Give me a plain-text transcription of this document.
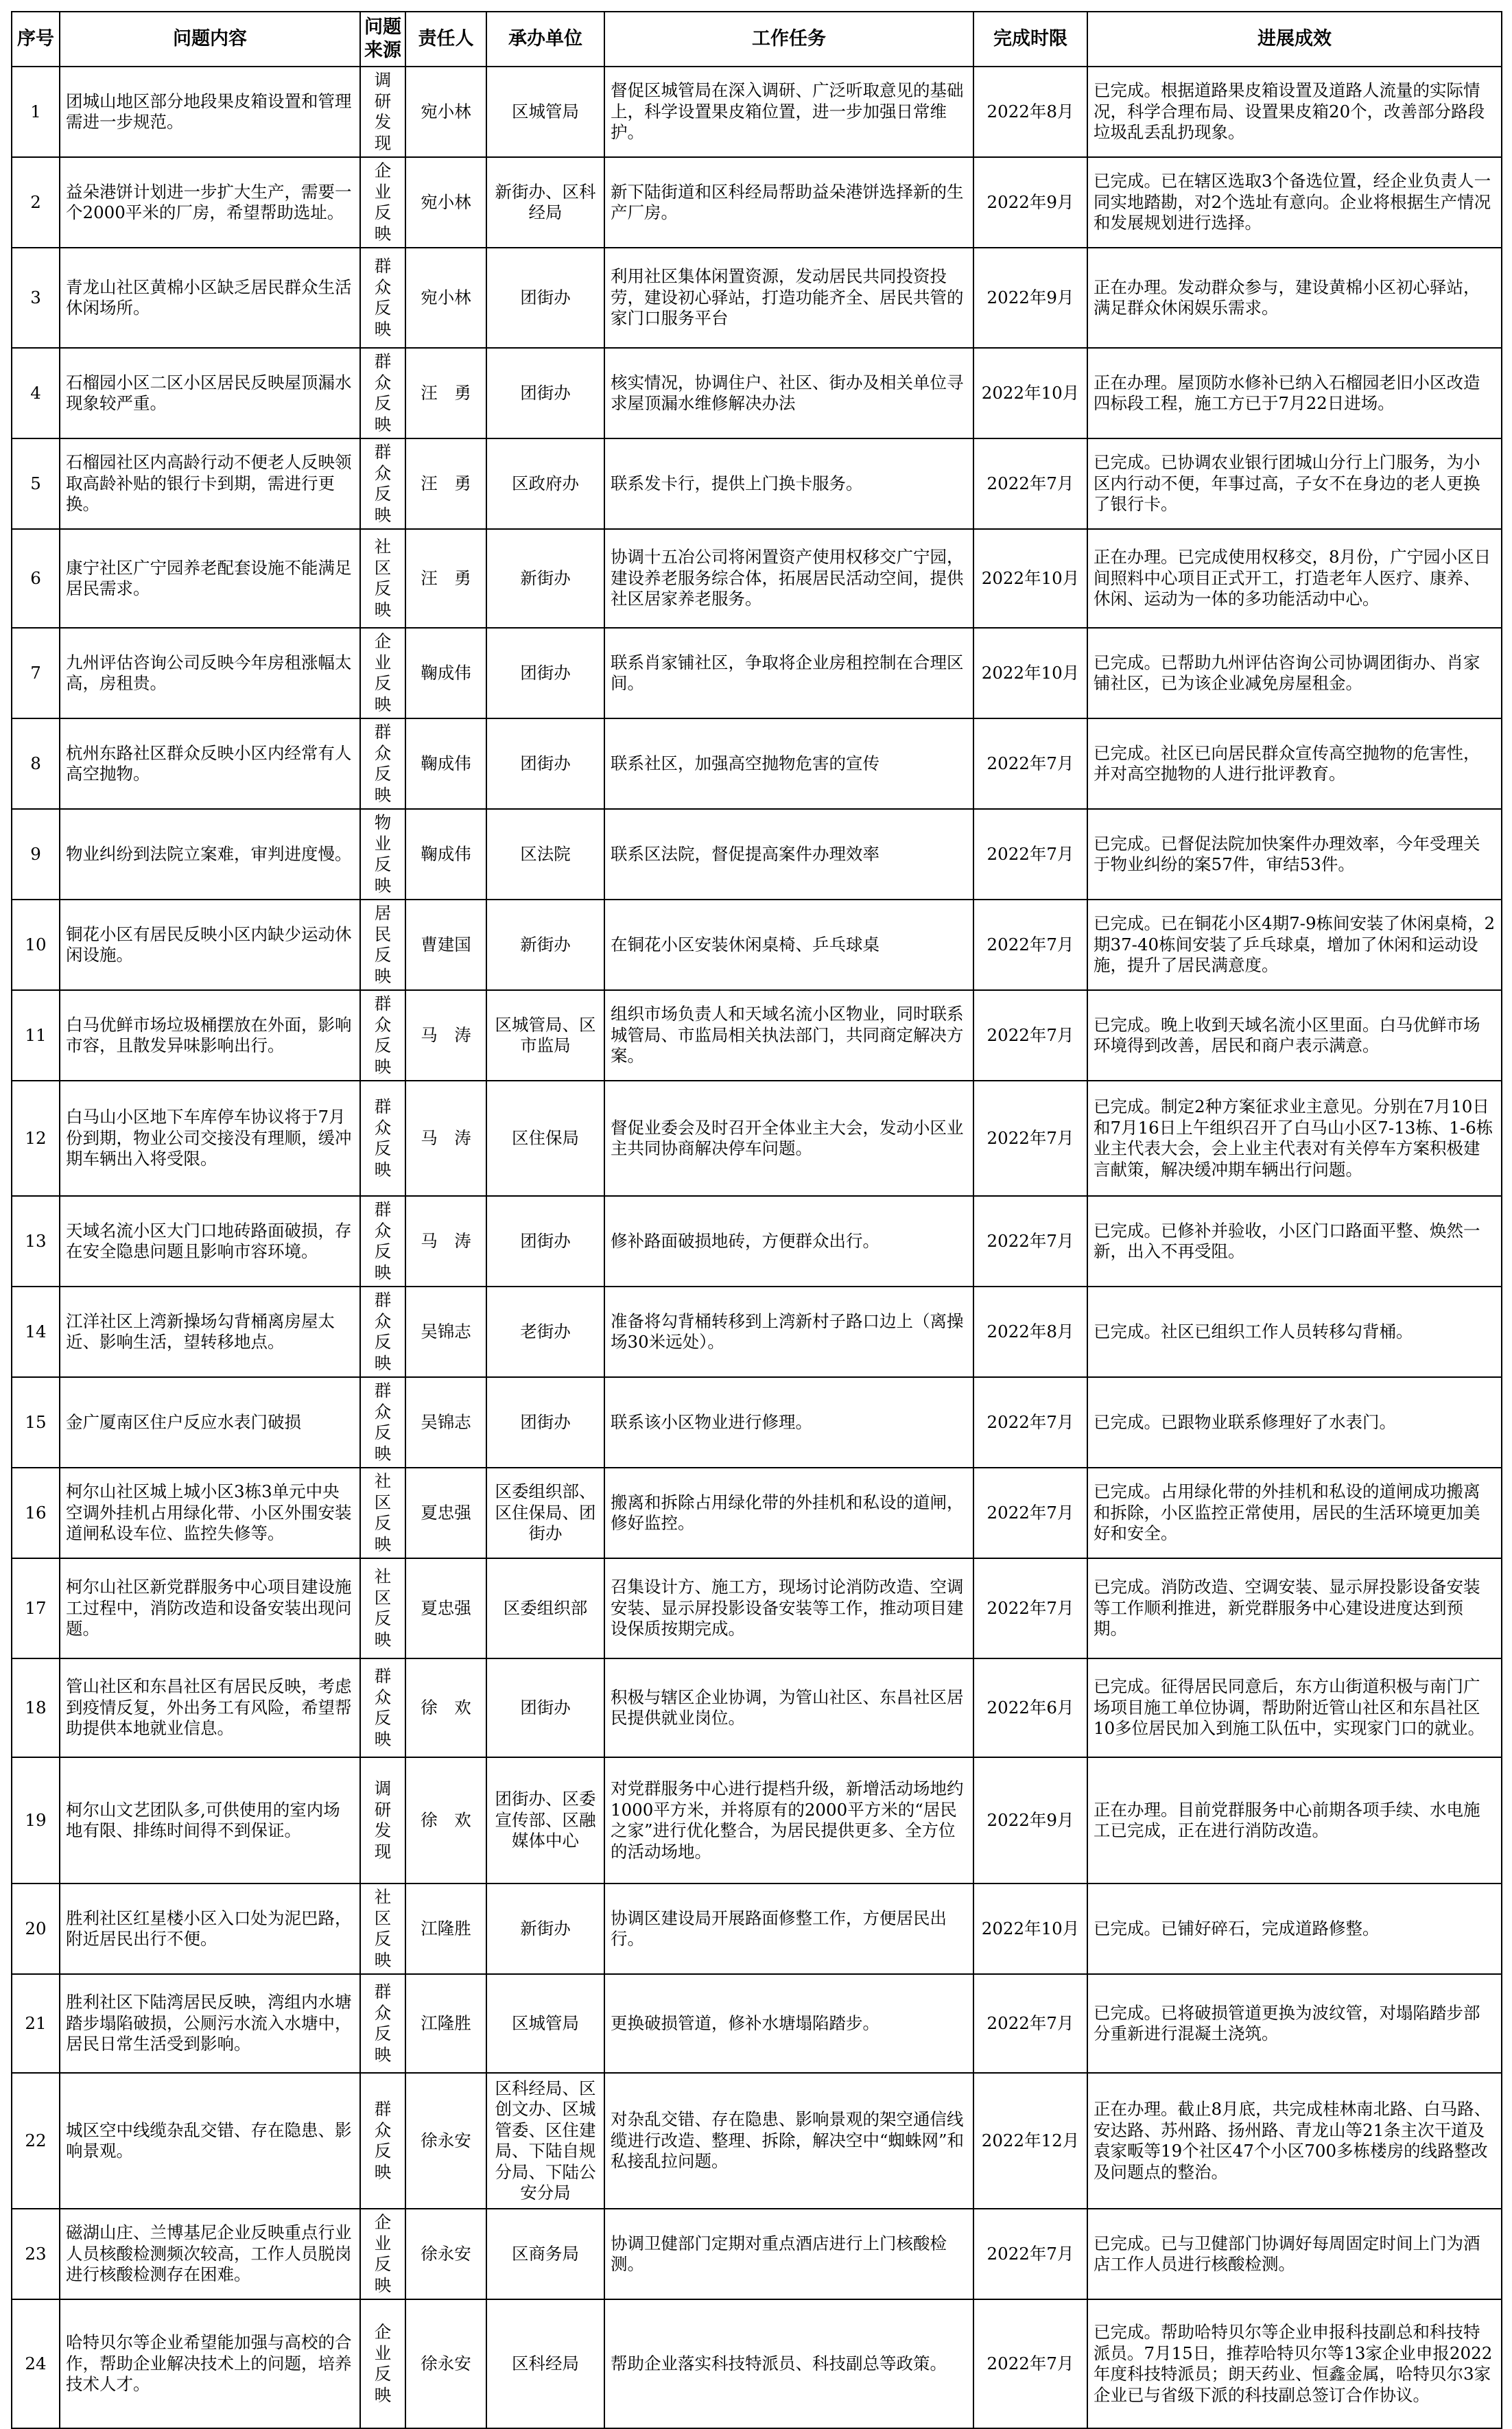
序号	问题内容	问题来源	责任人	承办单位	工作任务	完成时限	进展成效
1	团城山地区部分地段果皮箱设置和管理需进一步规范。	调研发现	宛小林	区城管局	督促区城管局在深入调研、广泛听取意见的基础上，科学设置果皮箱位置，进一步加强日常维护。	2022年8月	已完成。根据道路果皮箱设置及道路人流量的实际情况，科学合理布局、设置果皮箱20个，改善部分路段垃圾乱丢乱扔现象。
2	益朵港饼计划进一步扩大生产，需要一个2000平米的厂房，希望帮助选址。	企业反映	宛小林	新街办、区科经局	新下陆街道和区科经局帮助益朵港饼选择新的生产厂房。	2022年9月	已完成。已在辖区选取3个备选位置，经企业负责人一同实地踏勘，对2个选址有意向。企业将根据生产情况和发展规划进行选择。
3	青龙山社区黄棉小区缺乏居民群众生活休闲场所。	群众反映	宛小林	团街办	利用社区集体闲置资源，发动居民共同投资投劳，建设初心驿站，打造功能齐全、居民共管的家门口服务平台	2022年9月	正在办理。发动群众参与，建设黄棉小区初心驿站，满足群众休闲娱乐需求。
4	石榴园小区二区小区居民反映屋顶漏水现象较严重。	群众反映	汪　勇	团街办	核实情况，协调住户、社区、街办及相关单位寻求屋顶漏水维修解决办法	2022年10月	正在办理。屋顶防水修补已纳入石榴园老旧小区改造四标段工程，施工方已于7月22日进场。
5	石榴园社区内高龄行动不便老人反映领取高龄补贴的银行卡到期，需进行更换。	群众反映	汪　勇	区政府办	联系发卡行，提供上门换卡服务。	2022年7月	已完成。已协调农业银行团城山分行上门服务，为小区内行动不便，年事过高，子女不在身边的老人更换了银行卡。
6	康宁社区广宁园养老配套设施不能满足居民需求。	社区反映	汪　勇	新街办	协调十五冶公司将闲置资产使用权移交广宁园，建设养老服务综合体，拓展居民活动空间，提供社区居家养老服务。	2022年10月	正在办理。已完成使用权移交，8月份，广宁园小区日间照料中心项目正式开工，打造老年人医疗、康养、休闲、运动为一体的多功能活动中心。
7	九州评估咨询公司反映今年房租涨幅太高，房租贵。	企业反映	鞠成伟	团街办	联系肖家铺社区，争取将企业房租控制在合理区间。	2022年10月	已完成。已帮助九州评估咨询公司协调团街办、肖家铺社区，已为该企业减免房屋租金。
8	杭州东路社区群众反映小区内经常有人高空抛物。	群众反映	鞠成伟	团街办	联系社区，加强高空抛物危害的宣传	2022年7月	已完成。社区已向居民群众宣传高空抛物的危害性，并对高空抛物的人进行批评教育。
9	物业纠纷到法院立案难，审判进度慢。	物业反映	鞠成伟	区法院	联系区法院，督促提高案件办理效率	2022年7月	已完成。已督促法院加快案件办理效率，今年受理关于物业纠纷的案57件，审结53件。
10	铜花小区有居民反映小区内缺少运动休闲设施。	居民反映	曹建国	新街办	在铜花小区安装休闲桌椅、乒乓球桌	2022年7月	已完成。已在铜花小区4期7-9栋间安装了休闲桌椅，2期37-40栋间安装了乒乓球桌，增加了休闲和运动设施，提升了居民满意度。
11	白马优鲜市场垃圾桶摆放在外面，影响市容，且散发异味影响出行。	群众反映	马　涛	区城管局、区市监局	组织市场负责人和天域名流小区物业，同时联系城管局、市监局相关执法部门，共同商定解决方案。	2022年7月	已完成。晚上收到天域名流小区里面。白马优鲜市场环境得到改善，居民和商户表示满意。
12	白马山小区地下车库停车协议将于7月份到期，物业公司交接没有理顺，缓冲期车辆出入将受限。	群众反映	马　涛	区住保局	督促业委会及时召开全体业主大会，发动小区业主共同协商解决停车问题。	2022年7月	已完成。制定2种方案征求业主意见。分别在7月10日和7月16日上午组织召开了白马山小区7-13栋、1-6栋业主代表大会，会上业主代表对有关停车方案积极建言献策，解决缓冲期车辆出行问题。
13	天域名流小区大门口地砖路面破损，存在安全隐患问题且影响市容环境。	群众反映	马　涛	团街办	修补路面破损地砖，方便群众出行。	2022年7月	已完成。已修补并验收，小区门口路面平整、焕然一新，出入不再受阻。
14	江洋社区上湾新操场勾背桶离房屋太近、影响生活，望转移地点。	群众反映	吴锦志	老街办	准备将勾背桶转移到上湾新村子路口边上（离操场30米远处）。	2022年8月	已完成。社区已组织工作人员转移勾背桶。
15	金广厦南区住户反应水表门破损	群众反映	吴锦志	团街办	联系该小区物业进行修理。	2022年7月	已完成。已跟物业联系修理好了水表门。
16	柯尔山社区城上城小区3栋3单元中央空调外挂机占用绿化带、小区外围安装道闸私设车位、监控失修等。	社　区反映	夏忠强	区委组织部、区住保局、团街办	搬离和拆除占用绿化带的外挂机和私设的道闸，修好监控。	2022年7月	已完成。占用绿化带的外挂机和私设的道闸成功搬离和拆除，小区监控正常使用，居民的生活环境更加美好和安全。
17	柯尔山社区新党群服务中心项目建设施工过程中，消防改造和设备安装出现问题。	社　区反映	夏忠强	区委组织部	召集设计方、施工方，现场讨论消防改造、空调安装、显示屏投影设备安装等工作，推动项目建设保质按期完成。	2022年7月	已完成。消防改造、空调安装、显示屏投影设备安装等工作顺利推进，新党群服务中心建设进度达到预期。
18	管山社区和东昌社区有居民反映，考虑到疫情反复，外出务工有风险，希望帮助提供本地就业信息。	群众反映	徐　欢	团街办	积极与辖区企业协调，为管山社区、东昌社区居民提供就业岗位。	2022年6月	已完成。征得居民同意后，东方山街道积极与南门广场项目施工单位协调，帮助附近管山社区和东昌社区10多位居民加入到施工队伍中，实现家门口的就业。
19	柯尔山文艺团队多,可供使用的室内场地有限、排练时间得不到保证。	调研发现	徐　欢	团街办、区委宣传部、区融媒体中心	对党群服务中心进行提档升级，新增活动场地约1000平方米，并将原有的2000平方米的“居民之家”进行优化整合，为居民提供更多、全方位的活动场地。	2022年9月	正在办理。目前党群服务中心前期各项手续、水电施工已完成，正在进行消防改造。
20	胜利社区红星楼小区入口处为泥巴路，附近居民出行不便。	社区反映	江隆胜	新街办	协调区建设局开展路面修整工作，方便居民出行。	2022年10月	已完成。已铺好碎石，完成道路修整。
21	胜利社区下陆湾居民反映，湾组内水塘踏步塌陷破损，公厕污水流入水塘中，居民日常生活受到影响。	群众反映	江隆胜	区城管局	更换破损管道，修补水塘塌陷踏步。	2022年7月	已完成。已将破损管道更换为波纹管，对塌陷踏步部分重新进行混凝土浇筑。
22	城区空中线缆杂乱交错、存在隐患、影响景观。	群众反映	徐永安	区科经局、区创文办、区城管委、区住建局、下陆自规分局、下陆公安分局	对杂乱交错、存在隐患、影响景观的架空通信线缆进行改造、整理、拆除，解决空中“蜘蛛网”和私接乱拉问题。	2022年12月	正在办理。截止8月底，共完成桂林南北路、白马路、安达路、苏州路、扬州路、青龙山等21条主次干道及袁家畈等19个社区47个小区700多栋楼房的线路整改及问题点的整治。
23	磁湖山庄、兰博基尼企业反映重点行业人员核酸检测频次较高，工作人员脱岗进行核酸检测存在困难。	企业反映	徐永安	区商务局	协调卫健部门定期对重点酒店进行上门核酸检测。	2022年7月	已完成。已与卫健部门协调好每周固定时间上门为酒店工作人员进行核酸检测。
24	哈特贝尔等企业希望能加强与高校的合作，帮助企业解决技术上的问题，培养技术人才。	企业反映	徐永安	区科经局	帮助企业落实科技特派员、科技副总等政策。	2022年7月	已完成。帮助哈特贝尔等企业申报科技副总和科技特派员。7月15日，推荐哈特贝尔等13家企业申报2022年度科技特派员；朗天药业、恒鑫金属，哈特贝尔3家企业已与省级下派的科技副总签订合作协议。
